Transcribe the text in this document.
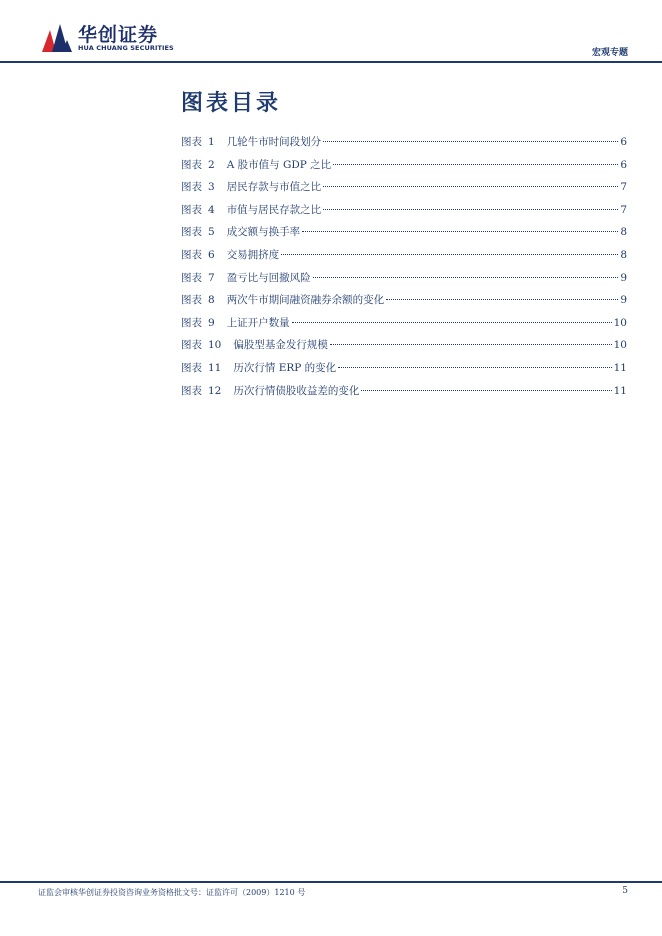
华创证券
HUA CHUANG SECURITIES	宏观专题
图表目录
图表 1 几轮牛市时间段划分	6
图表 2 A 股市值与 GDP 之比	6
图表 3 居民存款与市值之比	7
图表 4 市值与居民存款之比	7
图表 5 成交额与换手率	8
图表 6 交易拥挤度	8
图表 7 盈亏比与回撤风险	9
图表 8 两次牛市期间融资融券余额的变化	9
图表 9 上证开户数量	10
图表 10 偏股型基金发行规模	10
图表 11 历次行情 ERP 的变化	11
图表 12 历次行情债股收益差的变化	11
证监会审核华创证券投资咨询业务资格批文号：证监许可（2009）1210 号	5
